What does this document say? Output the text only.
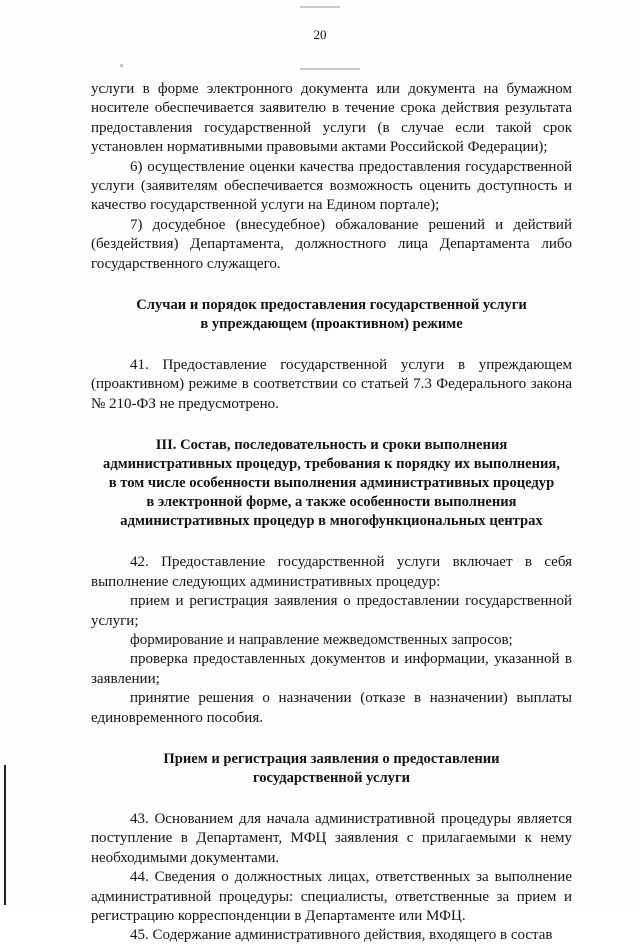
20

услуги в форме электронного документа или документа на бумажном носителе обеспечивается заявителю в течение срока действия результата предоставления государственной услуги (в случае если такой срок установлен нормативными правовыми актами Российской Федерации);

6) осуществление оценки качества предоставления государственной услуги (заявителям обеспечивается возможность оценить доступность и качество государственной услуги на Едином портале);

7) досудебное (внесудебное) обжалование решений и действий (бездействия) Департамента, должностного лица Департамента либо государственного служащего.

Случаи и порядок предоставления государственной услуги
в упреждающем (проактивном) режиме

41. Предоставление государственной услуги в упреждающем (проактивном) режиме в соответствии со статьей 7.3 Федерального закона № 210-ФЗ не предусмотрено.

III. Состав, последовательность и сроки выполнения
административных процедур, требования к порядку их выполнения,
в том числе особенности выполнения административных процедур
в электронной форме, а также особенности выполнения
административных процедур в многофункциональных центрах

42. Предоставление государственной услуги включает в себя выполнение следующих административных процедур:

прием и регистрация заявления о предоставлении государственной услуги;

формирование и направление межведомственных запросов;

проверка предоставленных документов и информации, указанной в заявлении;

принятие решения о назначении (отказе в назначении) выплаты единовременного пособия.

Прием и регистрация заявления о предоставлении
государственной услуги

43. Основанием для начала административной процедуры является поступление в Департамент, МФЦ заявления с прилагаемыми к нему необходимыми документами.

44. Сведения о должностных лицах, ответственных за выполнение административной процедуры: специалисты, ответственные за прием и регистрацию корреспонденции в Департаменте или МФЦ.

45. Содержание административного действия, входящего в состав
